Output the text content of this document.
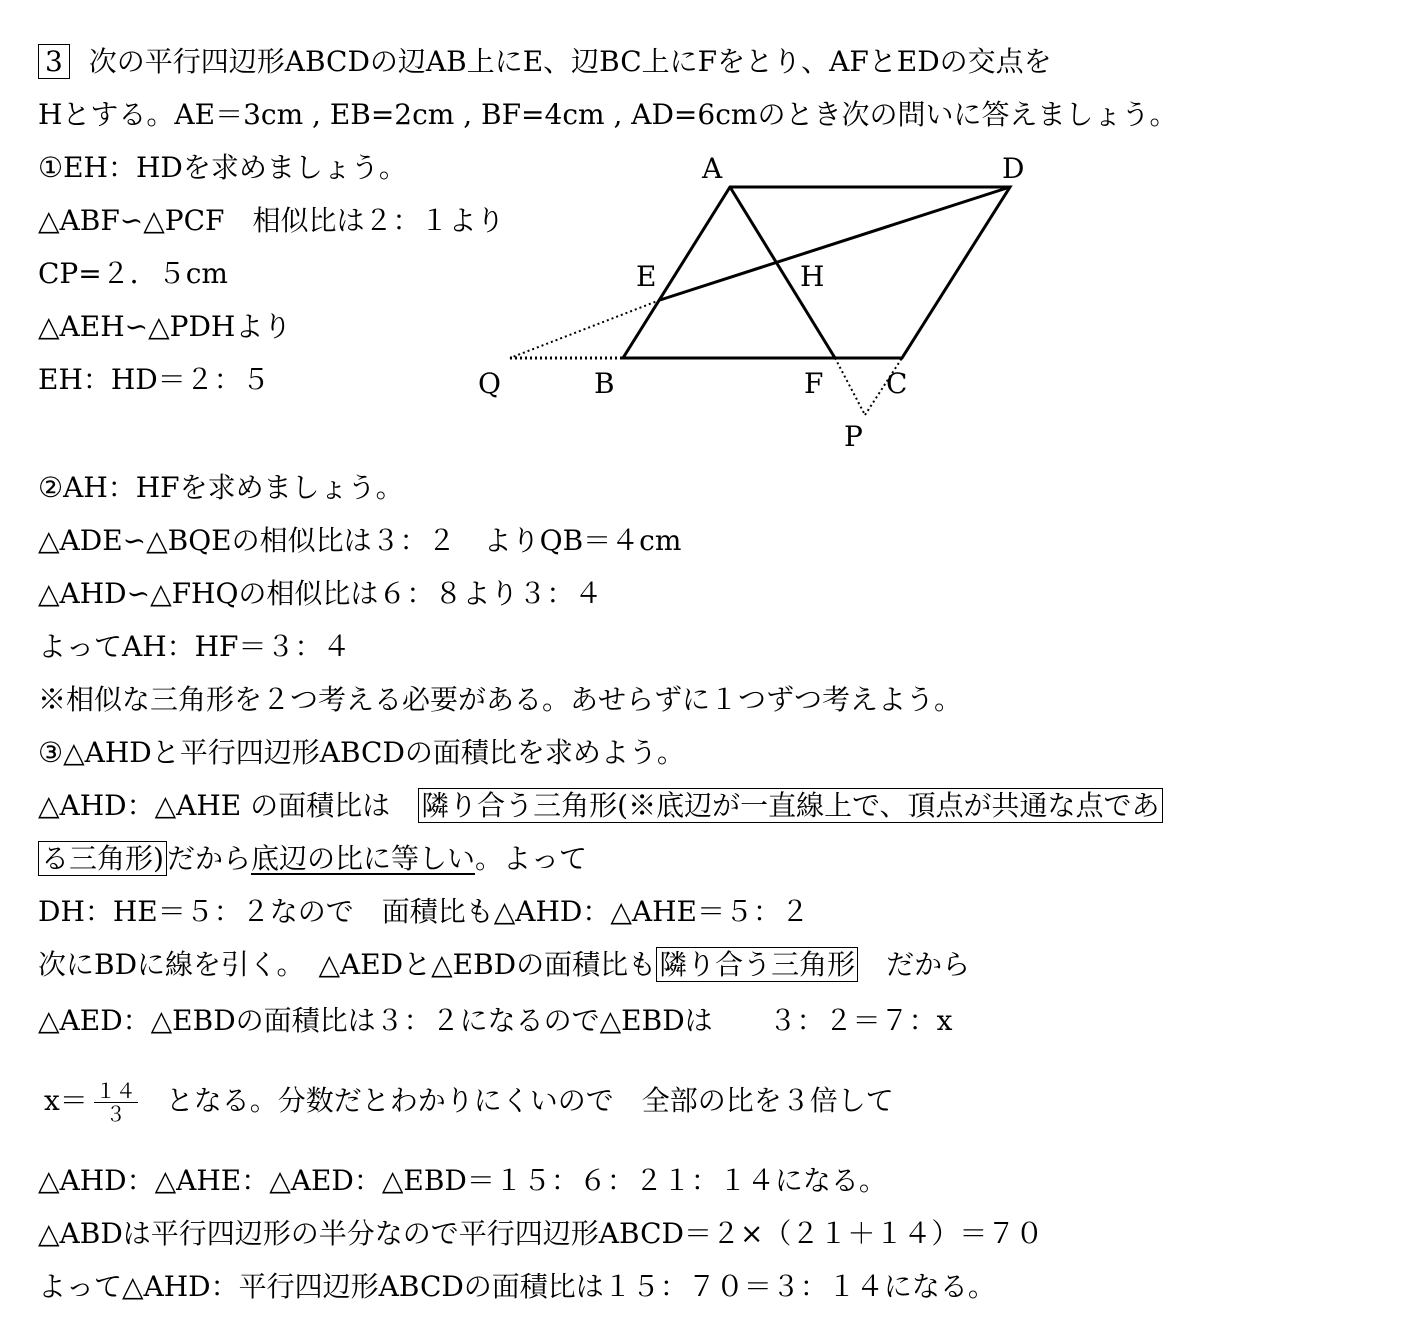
3 次の平行四辺形ABCDの辺AB上にE、辺BC上にFをとり、AFとEDの交点を
Hとする。AE＝3cm , EB=2cm , BF=4cm , AD=6cmのとき次の問いに答えましょう。
①EH：HDを求めましょう。
△ABF∽△PCF　相似比は２：１より
CP=２．５cm
△AEH∽△PDHより
EH：HD＝２：５
A	D
E	H
Q	B	F C
P
②AH：HFを求めましょう。
△ADE∽△BQEの相似比は３：２　よりQB＝４cm
△AHD∽△FHQの相似比は６：８より３：４
よってAH：HF＝３：４
※相似な三角形を２つ考える必要がある。あせらずに１つずつ考えよう。
③△AHDと平行四辺形ABCDの面積比を求めよう。
△AHD：△AHE の面積比は 隣り合う三角形(※底辺が一直線上で、頂点が共通な点であ
る三角形) だから底辺の比に等しい。よって
DH：HE＝５：２なので　面積比も△AHD：△AHE＝５：２
次にBDに線を引く。　△AEDと△EBDの面積比も 隣り合う三角形　だから
△AED：△EBDの面積比は３：２になるので△EBDは　　３：２＝７：x
$x= \frac{14}{3}$ となる。分数だとわかりにくいので　全部の比を３倍して
△AHD：△AHE：△AED：△EBD＝１５：６：２１：１４になる。
△ABDは平行四辺形の半分なので平行四辺形ABCD＝２×（２１＋１４）＝７０
よって△AHD：平行四辺形ABCDの面積比は１５：７０＝３：１４になる。
